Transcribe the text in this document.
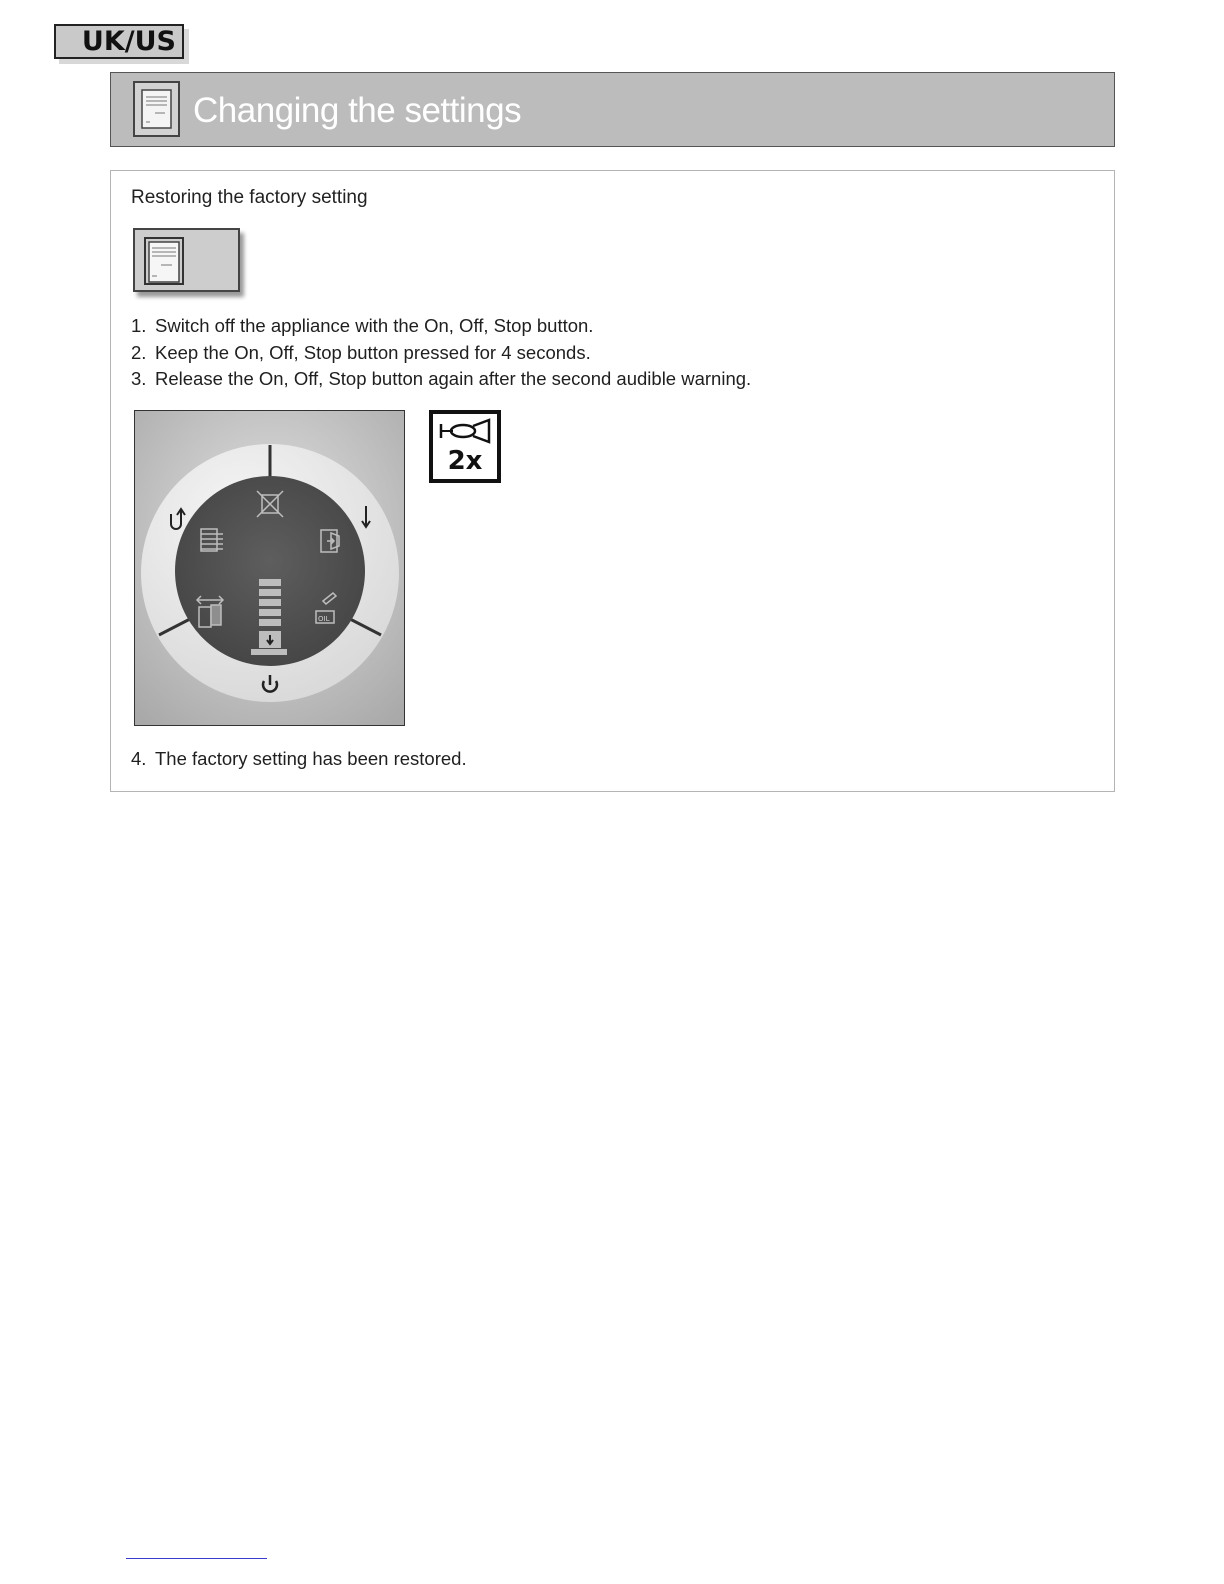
UK/US
Changing the settings
Restoring the factory setting
1. Switch off the appliance with the On, Off, Stop button.
2. Keep the On, Off, Stop button pressed for 4 seconds.
3. Release the On, Off, Stop button again after the second audible warning.
OIL
2x
4. The factory setting has been restored.
